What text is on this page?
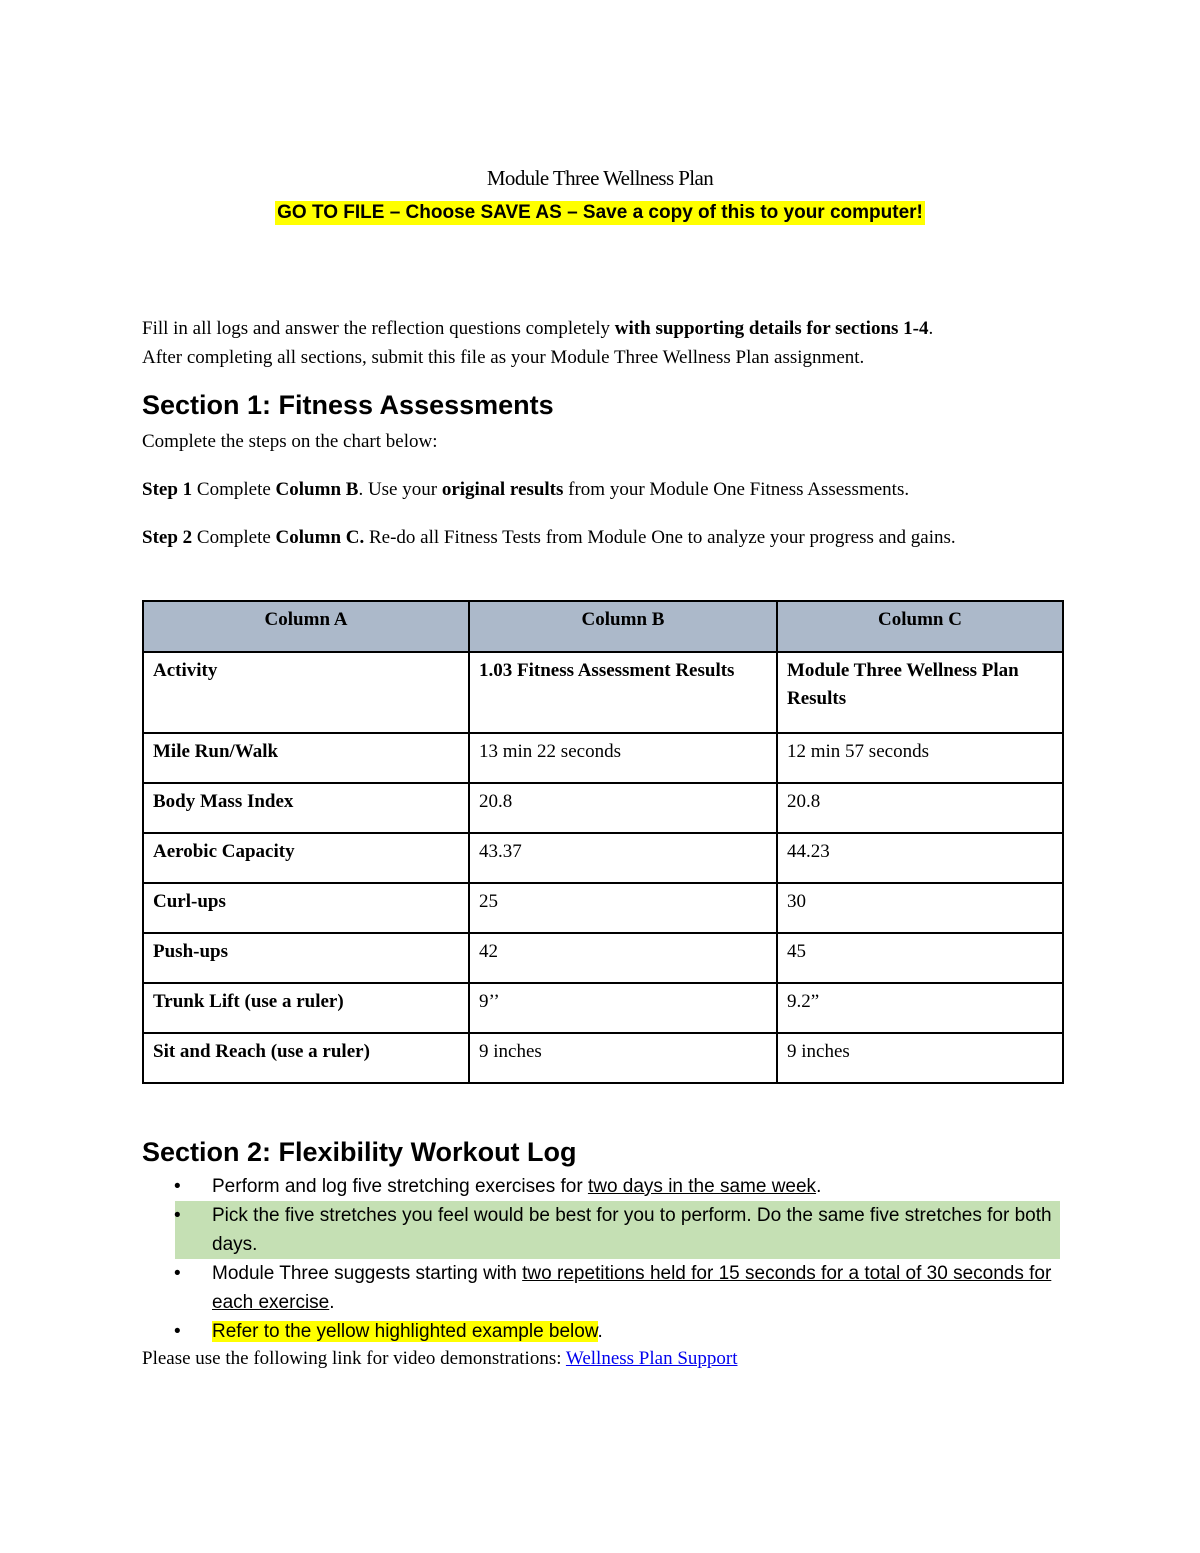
Module Three Wellness Plan
GO TO FILE – Choose SAVE AS – Save a copy of this to your computer!
Fill in all logs and answer the reflection questions completely with supporting details for sections 1-4.
After completing all sections, submit this file as your Module Three Wellness Plan assignment.
Section 1: Fitness Assessments
Complete the steps on the chart below:
Step 1 Complete Column B. Use your original results from your Module One Fitness Assessments.
Step 2 Complete Column C. Re-do all Fitness Tests from Module One to analyze your progress and gains.
Column A	Column B	Column C
Activity	1.03 Fitness Assessment Results	Module Three Wellness Plan Results
Mile Run/Walk	13 min 22 seconds	12 min 57 seconds
Body Mass Index	20.8	20.8
Aerobic Capacity	43.37	44.23
Curl-ups	25	30
Push-ups	42	45
Trunk Lift (use a ruler)	9’’	9.2”
Sit and Reach (use a ruler)	9 inches	9 inches
Section 2: Flexibility Workout Log
• Perform and log five stretching exercises for two days in the same week.
• Pick the five stretches you feel would be best for you to perform. Do the same five stretches for both days.
• Module Three suggests starting with two repetitions held for 15 seconds for a total of 30 seconds for each exercise.
• Refer to the yellow highlighted example below.
Please use the following link for video demonstrations: Wellness Plan Support
